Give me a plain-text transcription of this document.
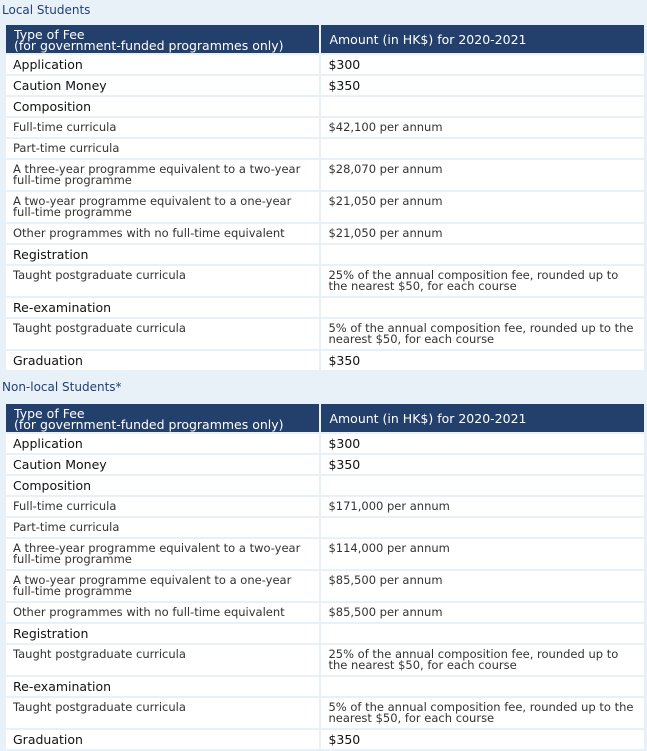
Local Students
Type of Fee
(for government-funded programmes only)	Amount (in HK$) for 2020-2021
Application	$300
Caution Money	$350
Composition	
Full-time curricula	$42,100 per annum
Part-time curricula	
A three-year programme equivalent to a two-year full-time programme	$28,070 per annum
A two-year programme equivalent to a one-year full-time programme	$21,050 per annum
Other programmes with no full-time equivalent	$21,050 per annum
Registration	
Taught postgraduate curricula	25% of the annual composition fee, rounded up to the nearest $50, for each course
Re-examination	
Taught postgraduate curricula	5% of the annual composition fee, rounded up to the nearest $50, for each course
Graduation	$350
Non-local Students*
Type of Fee
(for government-funded programmes only)	Amount (in HK$) for 2020-2021
Application	$300
Caution Money	$350
Composition	
Full-time curricula	$171,000 per annum
Part-time curricula	
A three-year programme equivalent to a two-year full-time programme	$114,000 per annum
A two-year programme equivalent to a one-year full-time programme	$85,500 per annum
Other programmes with no full-time equivalent	$85,500 per annum
Registration	
Taught postgraduate curricula	25% of the annual composition fee, rounded up to the nearest $50, for each course
Re-examination	
Taught postgraduate curricula	5% of the annual composition fee, rounded up to the nearest $50, for each course
Graduation	$350
